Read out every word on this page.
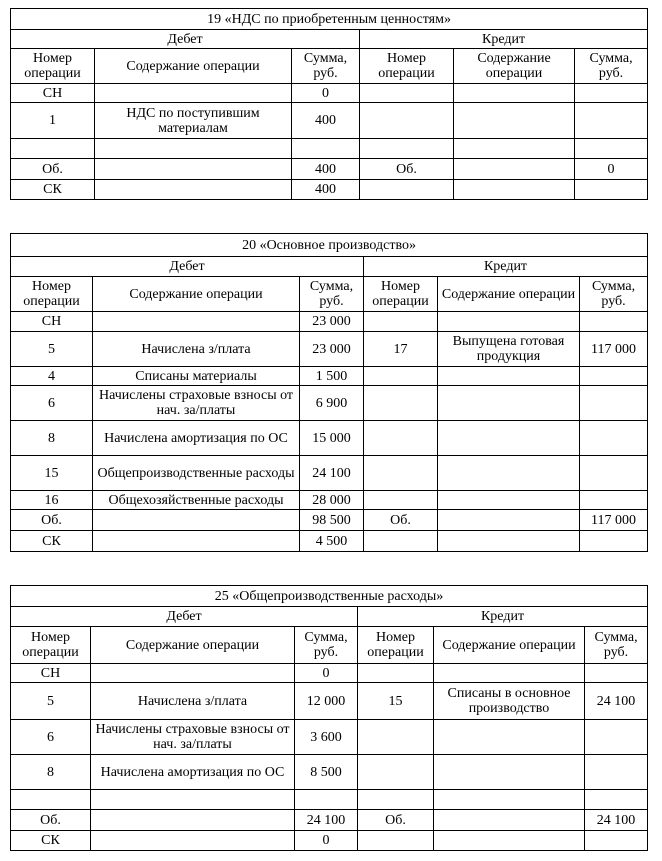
19 «НДС по приобретенным ценностям»					
Дебет			Кредит		
Номер операции	Содержание операции	Сумма, руб.	Номер операции	Содержание операции	Сумма, руб.
СН		0			
1	НДС по поступившим материалам	400			

Об.		400	Об.		0
СК		400			
20 «Основное производство»					
Дебет			Кредит		
Номер операции	Содержание операции	Сумма, руб.	Номер операции	Содержание операции	Сумма, руб.
СН		23 000			
5	Начислена з/плата	23 000	17	Выпущена готовая продукция	117 000
4	Списаны материалы	1 500			
6	Начислены страховые взносы от нач. за/платы	6 900			
8	Начислена амортизация по ОС	15 000			
15	Общепроизводственные расходы	24 100			
16	Общехозяйственные расходы	28 000			
Об.		98 500	Об.		117 000
СК		4 500			
25 «Общепроизводственные расходы»					
Дебет			Кредит		
Номер операции	Содержание операции	Сумма, руб.	Номер операции	Содержание операции	Сумма, руб.
СН		0			
5	Начислена з/плата	12 000	15	Списаны в основное производство	24 100
6	Начислены страховые взносы от нач. за/платы	3 600			
8	Начислена амортизация по ОС	8 500			

Об.		24 100	Об.		24 100
СК		0			
